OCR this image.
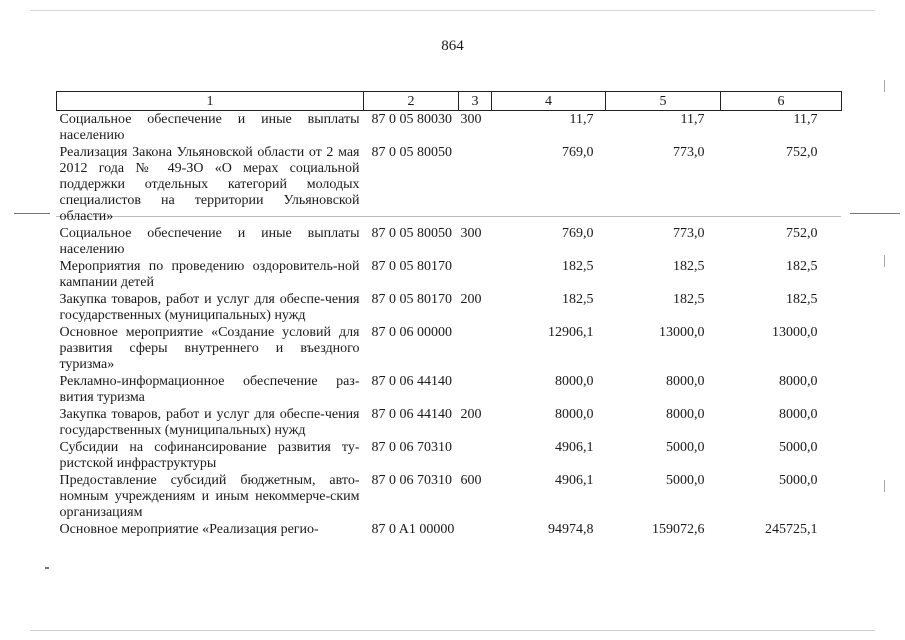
864
1	2	3	4	5	6
Социальное обеспечение и иные выплаты населению	87 0 05 80030	300	11,7	11,7	11,7
Реализация Закона Ульяновской области от 2 мая 2012 года № 49-ЗО «О мерах социальной поддержки отдельных категорий молодых специалистов на территории Ульяновской области»	87 0 05 80050		769,0	773,0	752,0
Социальное обеспечение и иные выплаты населению	87 0 05 80050	300	769,0	773,0	752,0
Мероприятия по проведению оздоровитель-ной кампании детей	87 0 05 80170		182,5	182,5	182,5
Закупка товаров, работ и услуг для обеспе-чения государственных (муниципальных) нужд	87 0 05 80170	200	182,5	182,5	182,5
Основное мероприятие «Создание условий для развития сферы внутреннего и въездного туризма»	87 0 06 00000		12906,1	13000,0	13000,0
Рекламно-информационное обеспечение раз-вития туризма	87 0 06 44140		8000,0	8000,0	8000,0
Закупка товаров, работ и услуг для обеспе-чения государственных (муниципальных) нужд	87 0 06 44140	200	8000,0	8000,0	8000,0
Субсидии на софинансирование развития ту-ристской инфраструктуры	87 0 06 70310		4906,1	5000,0	5000,0
Предоставление субсидий бюджетным, авто-номным учреждениям и иным некоммерче-ским организациям	87 0 06 70310	600	4906,1	5000,0	5000,0
Основное мероприятие «Реализация регио-	87 0 A1 00000		94974,8	159072,6	245725,1
